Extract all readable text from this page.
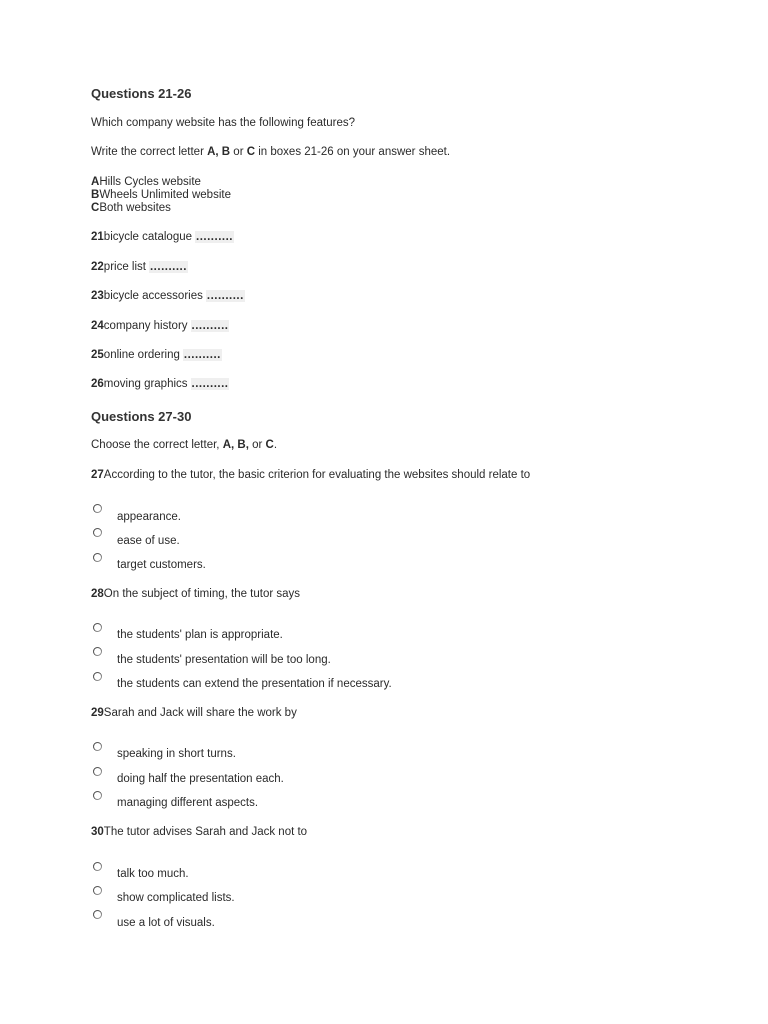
Questions 21-26
Which company website has the following features?
Write the correct letter A, B or C in boxes 21-26 on your answer sheet.
AHills Cycles website
BWheels Unlimited website
CBoth websites
21bicycle catalogue ..........
22price list ..........
23bicycle accessories ..........
24company history ..........
25online ordering ..........
26moving graphics ..........
Questions 27-30
Choose the correct letter, A, B, or C.
27According to the tutor, the basic criterion for evaluating the websites should relate to
appearance.
ease of use.
target customers.
28On the subject of timing, the tutor says
the students' plan is appropriate.
the students' presentation will be too long.
the students can extend the presentation if necessary.
29Sarah and Jack will share the work by
speaking in short turns.
doing half the presentation each.
managing different aspects.
30The tutor advises Sarah and Jack not to
talk too much.
show complicated lists.
use a lot of visuals.
